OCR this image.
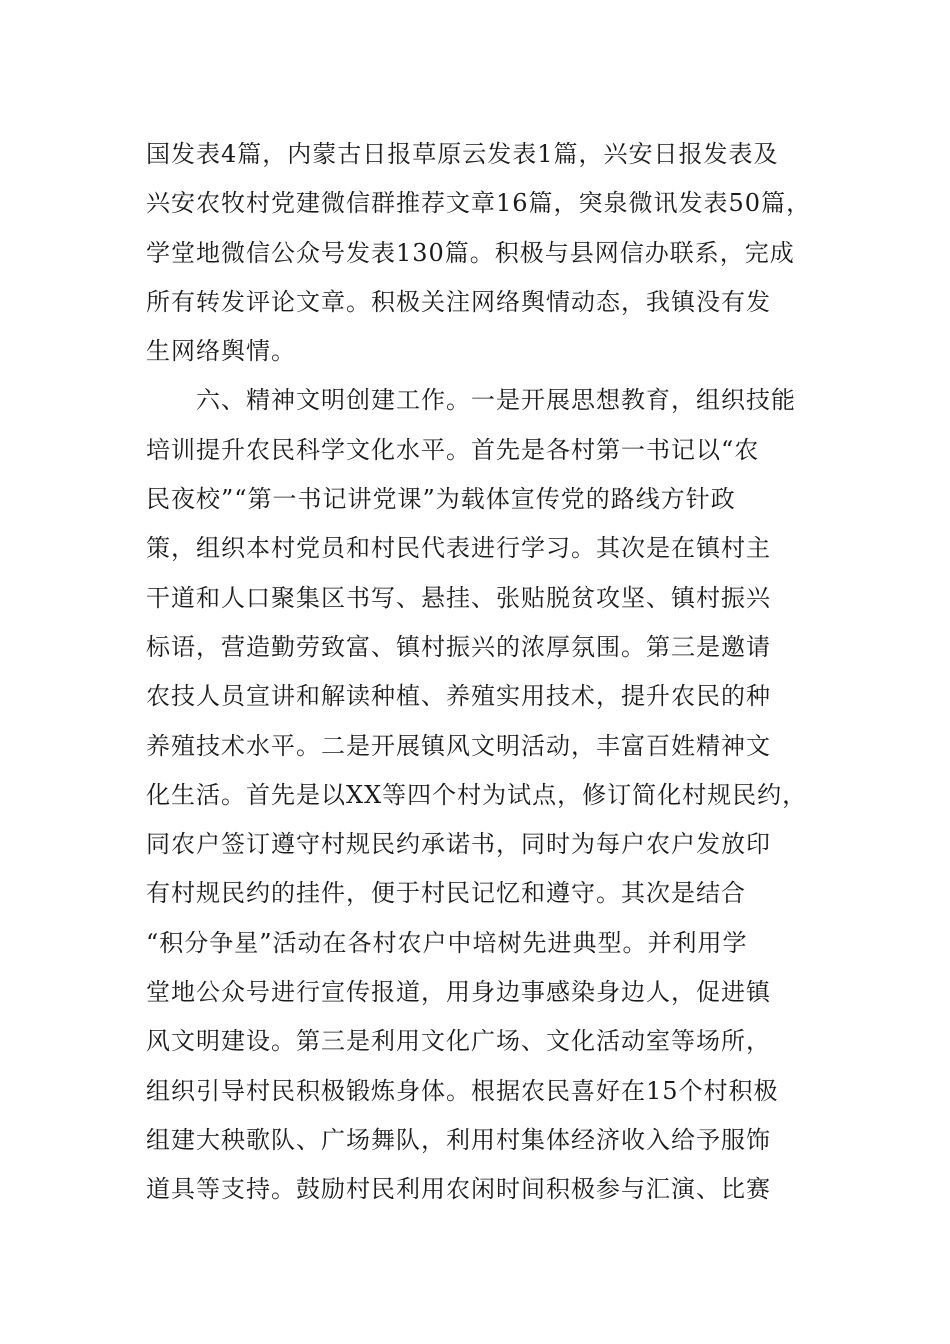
国发表4篇，内蒙古日报草原云发表1篇，兴安日报发表及
兴安农牧村党建微信群推荐文章16篇，突泉微讯发表50篇，
学堂地微信公众号发表130篇。积极与县网信办联系，完成
所有转发评论文章。积极关注网络舆情动态，我镇没有发
生网络舆情。
　　六、精神文明创建工作。一是开展思想教育，组织技能
培训提升农民科学文化水平。首先是各村第一书记以“农
民夜校”“第一书记讲党课”为载体宣传党的路线方针政
策，组织本村党员和村民代表进行学习。其次是在镇村主
干道和人口聚集区书写、悬挂、张贴脱贫攻坚、镇村振兴
标语，营造勤劳致富、镇村振兴的浓厚氛围。第三是邀请
农技人员宣讲和解读种植、养殖实用技术，提升农民的种
养殖技术水平。二是开展镇风文明活动，丰富百姓精神文
化生活。首先是以XX等四个村为试点，修订简化村规民约，
同农户签订遵守村规民约承诺书，同时为每户农户发放印
有村规民约的挂件，便于村民记忆和遵守。其次是结合
“积分争星”活动在各村农户中培树先进典型。并利用学
堂地公众号进行宣传报道，用身边事感染身边人，促进镇
风文明建设。第三是利用文化广场、文化活动室等场所，
组织引导村民积极锻炼身体。根据农民喜好在15个村积极
组建大秧歌队、广场舞队，利用村集体经济收入给予服饰
道具等支持。鼓励村民利用农闲时间积极参与汇演、比赛
